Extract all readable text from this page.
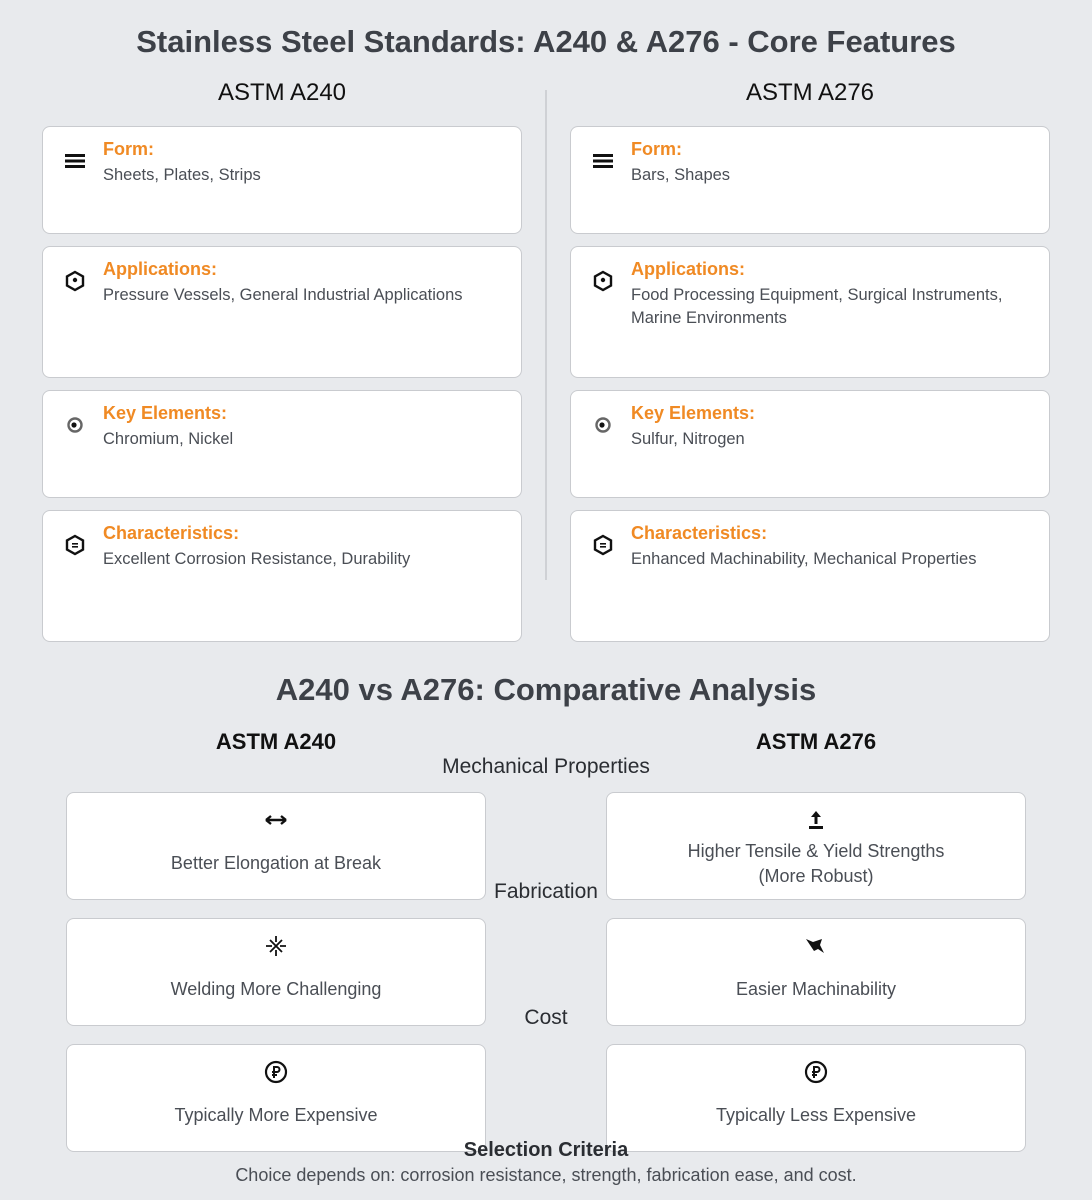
Stainless Steel Standards: A240 & A276 - Core Features
ASTM A240	ASTM A276
Form:
Sheets, Plates, Strips
Applications:
Pressure Vessels, General Industrial Applications
Key Elements:
Chromium, Nickel
Characteristics:
Excellent Corrosion Resistance, Durability
Form:
Bars, Shapes
Applications:
Food Processing Equipment, Surgical Instruments, Marine Environments
Key Elements:
Sulfur, Nitrogen
Characteristics:
Enhanced Machinability, Mechanical Properties
A240 vs A276: Comparative Analysis
ASTM A240	ASTM A276
Mechanical Properties
Better Elongation at Break
Welding More Challenging
Typically More Expensive
Higher Tensile & Yield Strengths (More Robust)
Easier Machinability
Typically Less Expensive
Fabrication
Cost
Selection Criteria
Choice depends on: corrosion resistance, strength, fabrication ease, and cost.
